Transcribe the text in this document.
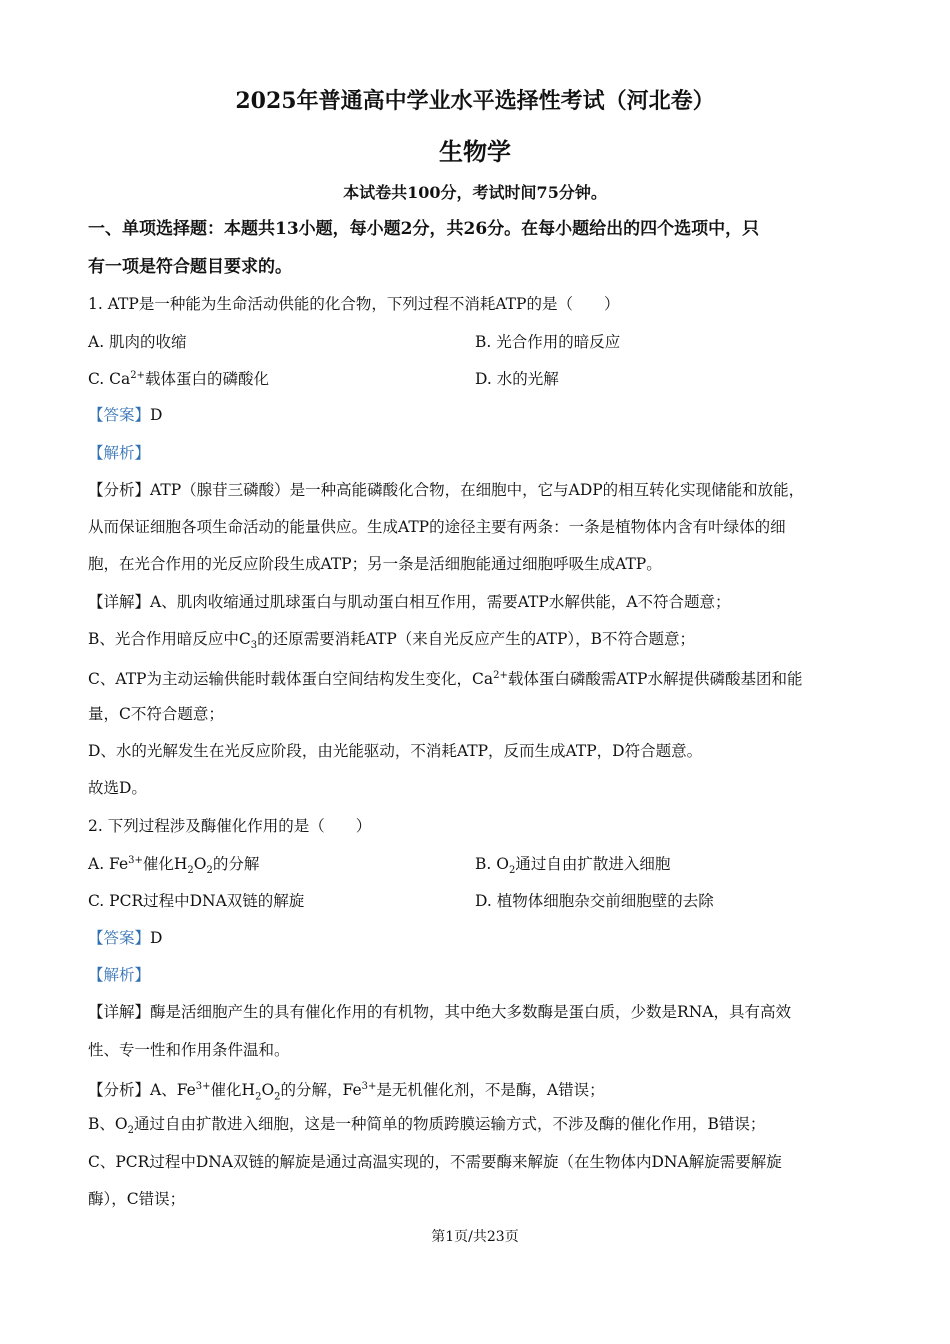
2025年普通高中学业水平选择性考试（河北卷）
生物学
本试卷共100分，考试时间75分钟。
一、单项选择题：本题共13小题，每小题2分，共26分。在每小题给出的四个选项中，只
有一项是符合题目要求的。
1. ATP是一种能为生命活动供能的化合物，下列过程不消耗ATP的是（　　）
A. 肌肉的收缩	B. 光合作用的暗反应
C. $Ca^{2+}$载体蛋白的磷酸化	D. 水的光解
【答案】D
【解析】
【分析】ATP（腺苷三磷酸）是一种高能磷酸化合物，在细胞中，它与ADP的相互转化实现储能和放能，
从而保证细胞各项生命活动的能量供应。生成ATP的途径主要有两条：一条是植物体内含有叶绿体的细
胞，在光合作用的光反应阶段生成ATP；另一条是活细胞能通过细胞呼吸生成ATP。
【详解】A、肌肉收缩通过肌球蛋白与肌动蛋白相互作用，需要ATP水解供能，A不符合题意；
B、光合作用暗反应中$C_3$的还原需要消耗ATP（来自光反应产生的ATP），B不符合题意；
C、ATP为主动运输供能时载体蛋白空间结构发生变化，$Ca^{2+}$载体蛋白磷酸需ATP水解提供磷酸基团和能
量，C不符合题意；
D、水的光解发生在光反应阶段，由光能驱动，不消耗ATP，反而生成ATP，D符合题意。
故选D。
2. 下列过程涉及酶催化作用的是（　　）
A. $Fe^{3+}$催化$H_2O_2$的分解	B. $O_2$通过自由扩散进入细胞
C. PCR过程中DNA双链的解旋	D. 植物体细胞杂交前细胞壁的去除
【答案】D
【解析】
【详解】酶是活细胞产生的具有催化作用的有机物，其中绝大多数酶是蛋白质，少数是RNA，具有高效
性、专一性和作用条件温和。
【分析】A、$Fe^{3+}$催化$H_2O_2$的分解，$Fe^{3+}$是无机催化剂，不是酶，A错误；
B、$O_2$通过自由扩散进入细胞，这是一种简单的物质跨膜运输方式，不涉及酶的催化作用，B错误；
C、PCR过程中DNA双链的解旋是通过高温实现的，不需要酶来解旋（在生物体内DNA解旋需要解旋
酶），C错误；
第1页/共23页
